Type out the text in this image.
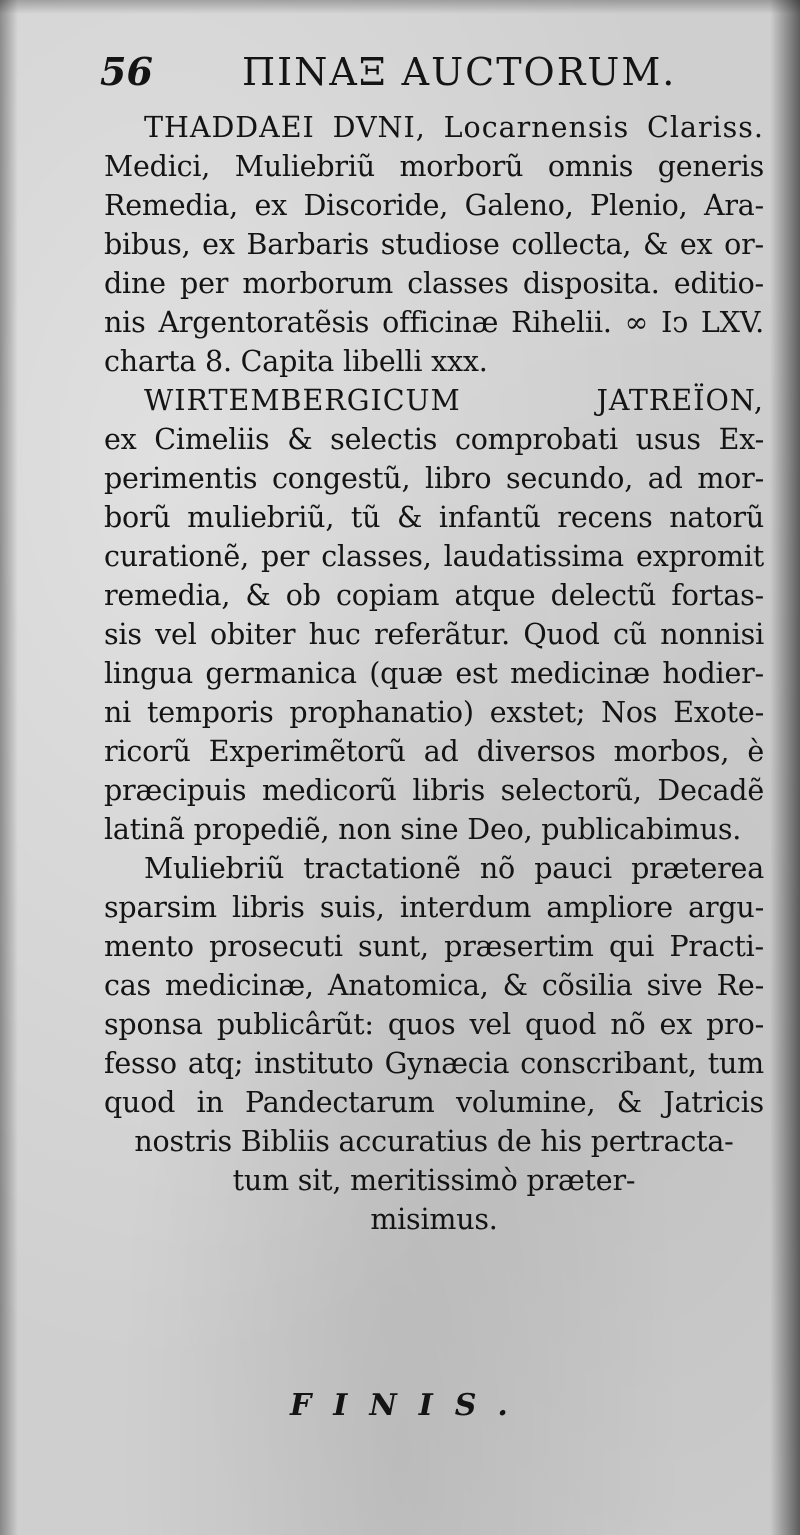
56 ΠΙΝΑΞ AUCTORUM.
THADDAEI DVNI, Locarnensis Clariss.
Medici, Muliebriũ morborũ omnis generis
Remedia, ex Discoride, Galeno, Plenio, Ara-
bibus, ex Barbaris studiose collecta, & ex or-
dine per morborum classes disposita. editio-
nis Argentoratẽsis officinæ Rihelii. ∞ Iↄ LXV.
charta 8. Capita libelli xxx.
WIRTEMBERGICUM JATREÏON,
ex Cimeliis & selectis comprobati usus Ex-
perimentis congestũ, libro secundo, ad mor-
borũ muliebriũ, tũ & infantũ recens natorũ
curationẽ, per classes, laudatissima expromit
remedia, & ob copiam atque delectũ fortas-
sis vel obiter huc referãtur. Quod cũ nonnisi
lingua germanica (quæ est medicinæ hodier-
ni temporis prophanatio) exstet; Nos Exote-
ricorũ Experimẽtorũ ad diversos morbos, è
præcipuis medicorũ libris selectorũ, Decadẽ
latinã propediẽ, non sine Deo, publicabimus.
Muliebriũ tractationẽ nõ pauci præterea
sparsim libris suis, interdum ampliore argu-
mento prosecuti sunt, præsertim qui Practi-
cas medicinæ, Anatomica, & cõsilia sive Re-
sponsa publicârũt: quos vel quod nõ ex pro-
fesso atq; instituto Gynæcia conscribant, tum
quod in Pandectarum volumine, & Jatricis
nostris Bibliis accuratius de his pertracta-
tum sit, meritissimò præter-
misimus.
FINIS.
